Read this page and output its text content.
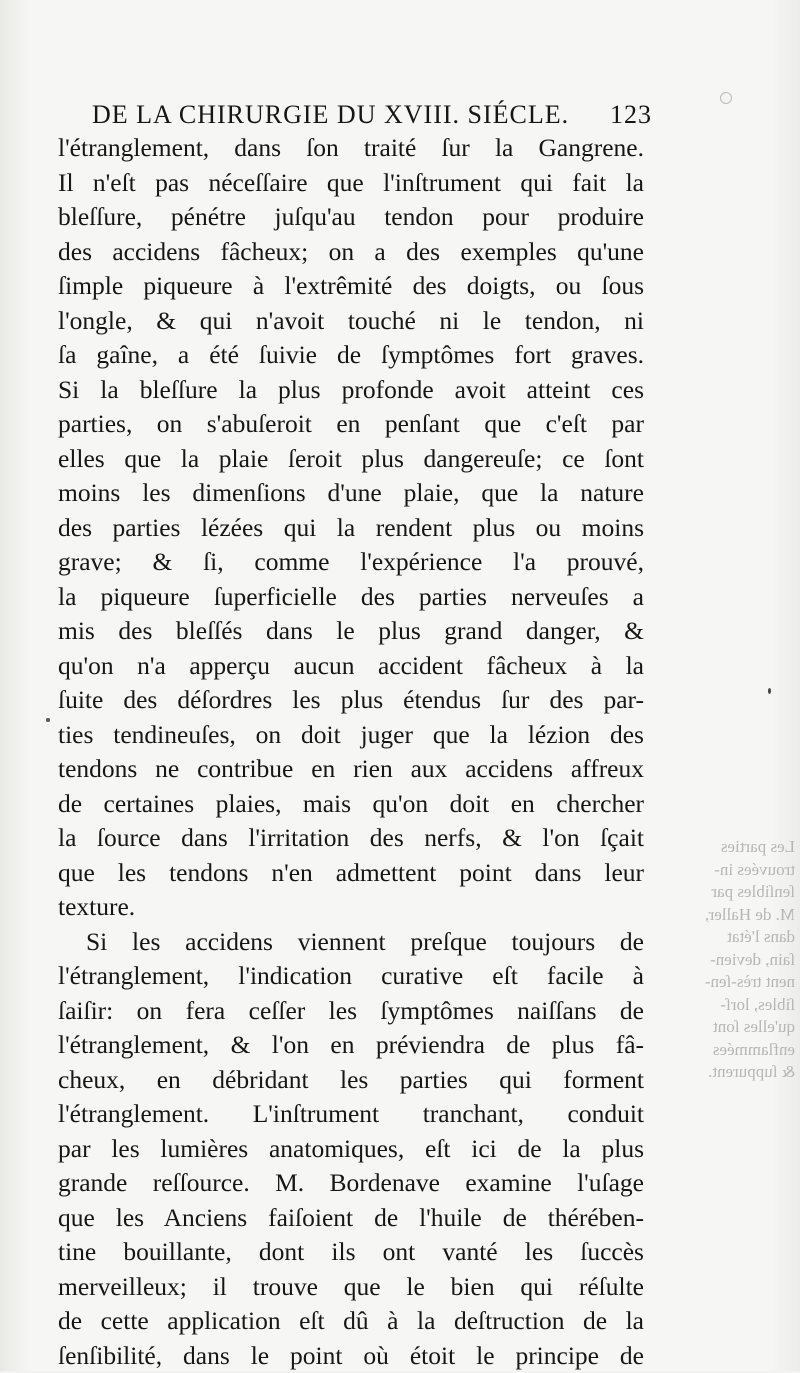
DE LA CHIRURGIE DU XVIII. SIÉCLE. 123
l'étranglement, dans ſon traité ſur la Gangrene.
Il n'eſt pas néceſſaire que l'inſtrument qui fait la
bleſſure, pénétre juſqu'au tendon pour produire
des accidens fâcheux; on a des exemples qu'une
ſimple piqueure à l'extrêmité des doigts, ou ſous
l'ongle, & qui n'avoit touché ni le tendon, ni
ſa gaîne, a été ſuivie de ſymptômes fort graves.
Si la bleſſure la plus profonde avoit atteint ces
parties, on s'abuſeroit en penſant que c'eſt par
elles que la plaie ſeroit plus dangereuſe; ce ſont
moins les dimenſions d'une plaie, que la nature
des parties lézées qui la rendent plus ou moins
grave; & ſi, comme l'expérience l'a prouvé,
la piqueure ſuperficielle des parties nerveuſes a
mis des bleſſés dans le plus grand danger, &
qu'on n'a apperçu aucun accident fâcheux à la
ſuite des déſordres les plus étendus ſur des par-
ties tendineuſes, on doit juger que la lézion des
tendons ne contribue en rien aux accidens affreux
de certaines plaies, mais qu'on doit en chercher
la ſource dans l'irritation des nerfs, & l'on ſçait
que les tendons n'en admettent point dans leur
texture.
Si les accidens viennent preſque toujours de
l'étranglement, l'indication curative eſt facile à
ſaiſir: on fera ceſſer les ſymptômes naiſſans de
l'étranglement, & l'on en préviendra de plus fâ-
cheux, en débridant les parties qui forment
l'étranglement. L'inſtrument tranchant, conduit
par les lumières anatomiques, eſt ici de la plus
grande reſſource. M. Bordenave examine l'uſage
que les Anciens faiſoient de l'huile de thérében-
tine bouillante, dont ils ont vanté les ſuccès
merveilleux; il trouve que le bien qui réſulte
de cette application eſt dû à la deſtruction de la
ſenſibilité, dans le point où étoit le principe de
Les parties
trouvées in-
ſenſibles par
M. de Haller,
dans l'état
ſain, devien-
nent très-ſen-
ſibles, lorſ-
qu'elles ſont
enflammées
& ſuppurent.
